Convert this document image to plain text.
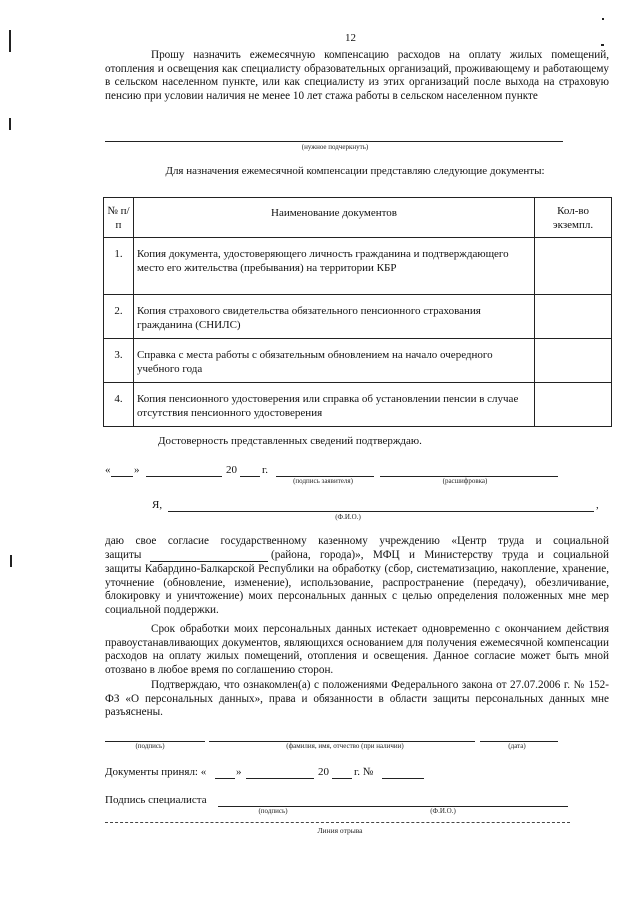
12
Прошу назначить ежемесячную компенсацию расходов на оплату жилых помещений, отопления и освещения как специалисту образовательных организаций, проживающему и работающему в сельском населенном пункте, или как специалисту из этих организаций после выхода на страховую пенсию при условии наличия не менее 10 лет стажа работы в сельском населенном пункте
(нужное подчеркнуть)
Для назначения ежемесячной компенсации представляю следующие документы:
№ п/п	Наименование документов	Кол-во экземпл.
1.	Копия документа, удостоверяющего личность гражданина и подтверждающего место его жительства (пребывания) на территории КБР	
2.	Копия страхового свидетельства обязательного пенсионного страхования гражданина (СНИЛС)	
3.	Справка с места работы с обязательным обновлением на начало очередного учебного года	
4.	Копия пенсионного удостоверения или справка об установлении пенсии в случае отсутствия пенсионного удостоверения	
Достоверность представленных сведений подтверждаю.
« »	20 г.
(подпись заявителя)	(расшифровка)
Я,	,
(Ф.И.О.)
даю свое согласие государственному казенному учреждению «Центр труда и социальной
защиты	(района, города)», МФЦ и Министерству труда и социальной
защиты Кабардино-Балкарской Республики на обработку (сбор, систематизацию, накопление, хранение, уточнение (обновление, изменение), использование, распространение (передачу), обезличивание, блокировку и уничтожение) моих персональных данных с целью определения положенных мне мер социальной поддержки.
Срок обработки моих персональных данных истекает одновременно с окончанием действия правоустанавливающих документов, являющихся основанием для получения ежемесячной компенсации расходов на оплату жилых помещений, отопления и освещения. Данное согласие может быть мной отозвано в любое время по соглашению сторон.
Подтверждаю, что ознакомлен(а) с положениями Федерального закона от 27.07.2006 г. № 152-ФЗ «О персональных данных», права и обязанности в области защиты персональных данных мне разъяснены.
(подпись)	(фамилия, имя, отчество (при наличии)	(дата)
Документы принял: «	»	20 г. №
Подпись специалиста
(подпись)	(Ф.И.О.)
Линия отрыва
